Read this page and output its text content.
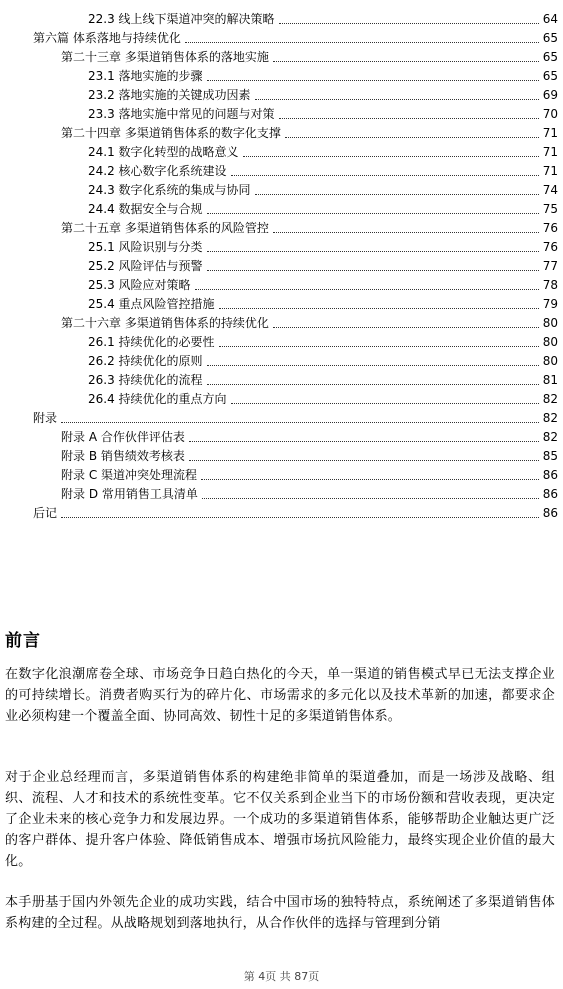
22.3 线上线下渠道冲突的解决策略	64
第六篇 体系落地与持续优化	65
第二十三章 多渠道销售体系的落地实施	65
23.1 落地实施的步骤	65
23.2 落地实施的关键成功因素	69
23.3 落地实施中常见的问题与对策	70
第二十四章 多渠道销售体系的数字化支撑	71
24.1 数字化转型的战略意义	71
24.2 核心数字化系统建设	71
24.3 数字化系统的集成与协同	74
24.4 数据安全与合规	75
第二十五章 多渠道销售体系的风险管控	76
25.1 风险识别与分类	76
25.2 风险评估与预警	77
25.3 风险应对策略	78
25.4 重点风险管控措施	79
第二十六章 多渠道销售体系的持续优化	80
26.1 持续优化的必要性	80
26.2 持续优化的原则	80
26.3 持续优化的流程	81
26.4 持续优化的重点方向	82
附录	82
附录 A 合作伙伴评估表	82
附录 B 销售绩效考核表	85
附录 C 渠道冲突处理流程	86
附录 D 常用销售工具清单	86
后记	86
前言
在数字化浪潮席卷全球、市场竞争日趋白热化的今天，单一渠道的销售模式早已无法支撑企业的可持续增长。消费者购买行为的碎片化、市场需求的多元化以及技术革新的加速，都要求企业必须构建一个覆盖全面、协同高效、韧性十足的多渠道销售体系。
对于企业总经理而言，多渠道销售体系的构建绝非简单的渠道叠加，而是一场涉及战略、组织、流程、人才和技术的系统性变革。它不仅关系到企业当下的市场份额和营收表现，更决定了企业未来的核心竞争力和发展边界。一个成功的多渠道销售体系，能够帮助企业触达更广泛的客户群体、提升客户体验、降低销售成本、增强市场抗风险能力，最终实现企业价值的最大化。
本手册基于国内外领先企业的成功实践，结合中国市场的独特特点，系统阐述了多渠道销售体系构建的全过程。从战略规划到落地执行，从合作伙伴的选择与管理到分销
第 4页 共 87页
